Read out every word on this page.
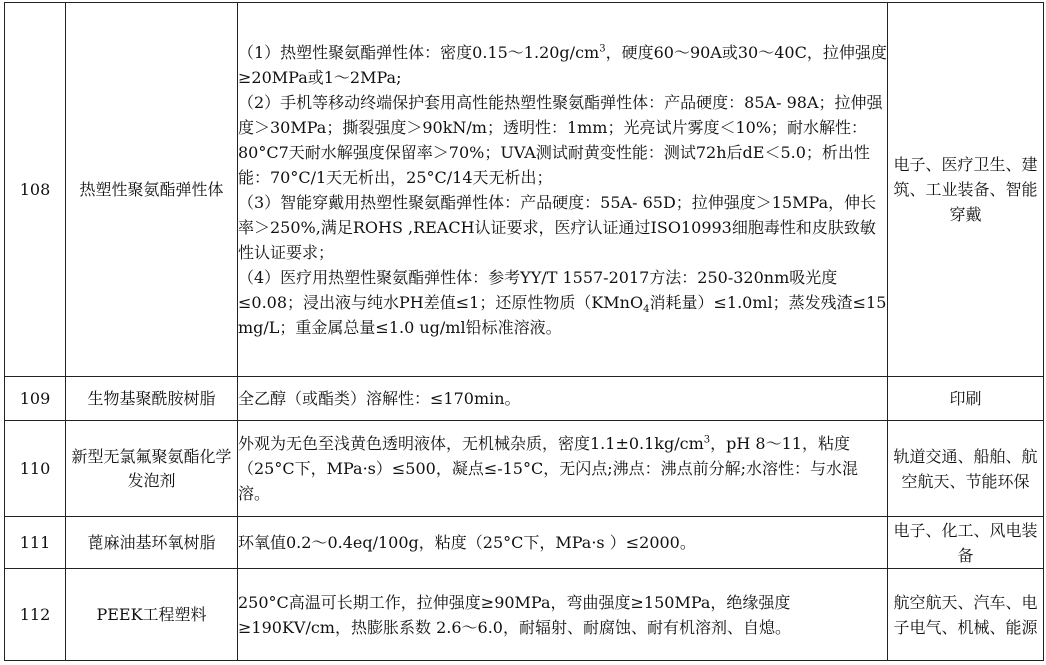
108	热塑性聚氨酯弹性体	（1）热塑性聚氨酯弹性体：密度$0.15\sim 1.20g/cm^3$，硬度60～90A或30～40C，拉伸强度≥20MPa或1～2MPa;
（2）手机等移动终端保护套用高性能热塑性聚氨酯弹性体：产品硬度：85A- 98A；拉伸强度＞30MPa；撕裂强度＞90kN/m；透明性：1mm；光亮试片雾度＜10%；耐水解性：80°C7天耐水解强度保留率＞70%；UVA测试耐黄变性能：测试72h后dE＜5.0；析出性能：70°C/1天无析出，25°C/14天无析出；
（3）智能穿戴用热塑性聚氨酯弹性体：产品硬度：55A- 65D；拉伸强度＞15MPa，伸长率＞250%,满足ROHS ,REACH认证要求，医疗认证通过ISO10993细胞毒性和皮肤致敏性认证要求；
（4）医疗用热塑性聚氨酯弹性体：参考YY/T 1557-2017方法：250-320nm吸光度≤0.08；浸出液与纯水PH差值≤1；还原性物质（KMnO$_4$消耗量）≤1.0ml；蒸发残渣≤15 mg/L；重金属总量≤1.0 ug/ml铅标准溶液。	电子、医疗卫生、建筑、工业装备、智能穿戴
109	生物基聚酰胺树脂	全乙醇（或酯类）溶解性：≤170min。	印刷
110	新型无氯氟聚氨酯化学发泡剂	外观为无色至浅黄色透明液体，无机械杂质，密度$1.1\pm 0.1kg/cm^3$，pH 8～11，粘度（25°C下，MPa·s）≤500，凝点≤-15°C，无闪点;沸点：沸点前分解;水溶性：与水混溶。	轨道交通、船舶、航空航天、节能环保
111	蓖麻油基环氧树脂	环氧值0.2～0.4eq/100g，粘度（25°C下，MPa·s ）≤2000。	电子、化工、风电装备
112	PEEK工程塑料	250°C高温可长期工作，拉伸强度≥90MPa，弯曲强度≥150MPa，绝缘强度≥190KV/cm，热膨胀系数 2.6～6.0，耐辐射、耐腐蚀、耐有机溶剂、自熄。	航空航天、汽车、电子电气、机械、能源
